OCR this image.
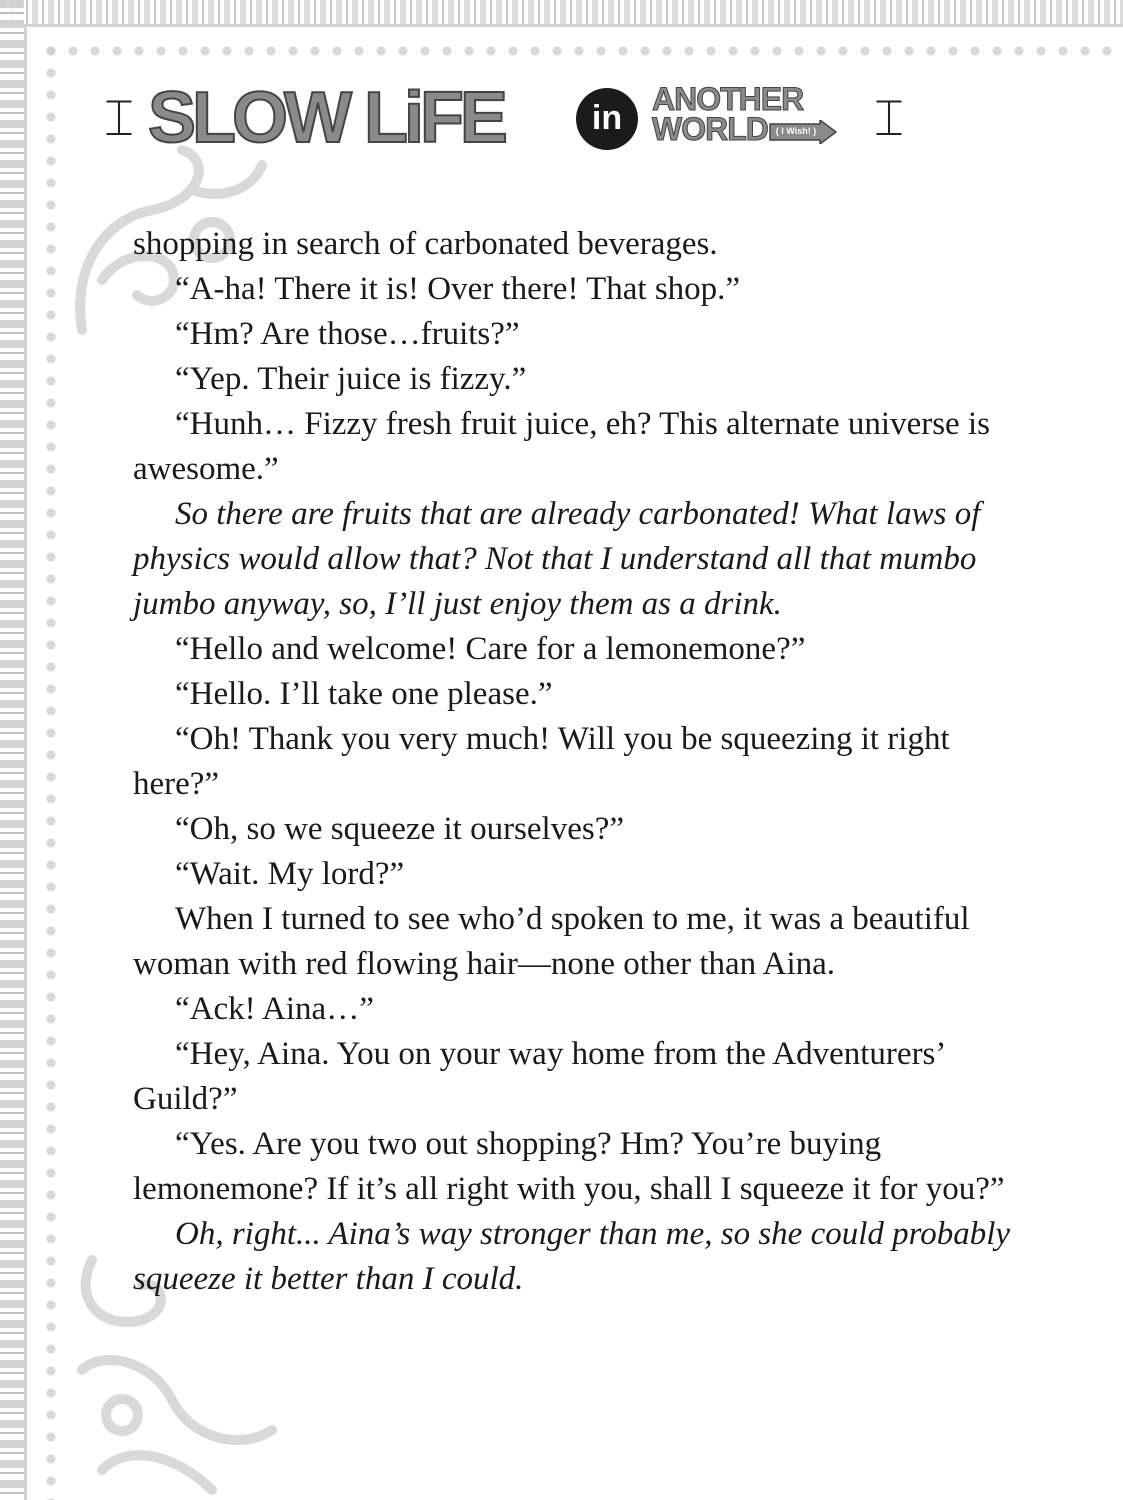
⌶ SLOW LiFE	in ANOTHER
WORLD ( I Wish! ) ⌶

shopping in search of carbonated beverages.

“A-ha! There it is! Over there! That shop.”

“Hm? Are those…fruits?”

“Yep. Their juice is fizzy.”

“Hunh… Fizzy fresh fruit juice, eh? This alternate universe is awesome.”

So there are fruits that are already carbonated! What laws of physics would allow that? Not that I understand all that mumbo jumbo anyway, so, I’ll just enjoy them as a drink.

“Hello and welcome! Care for a lemonemone?”

“Hello. I’ll take one please.”

“Oh! Thank you very much! Will you be squeezing it right here?”

“Oh, so we squeeze it ourselves?”

“Wait. My lord?”

When I turned to see who’d spoken to me, it was a beautiful woman with red flowing hair—none other than Aina.

“Ack! Aina…”

“Hey, Aina. You on your way home from the Adventurers’ Guild?”

“Yes. Are you two out shopping? Hm? You’re buying lemonemone? If it’s all right with you, shall I squeeze it for you?”

Oh, right... Aina’s way stronger than me, so she could probably squeeze it better than I could.
